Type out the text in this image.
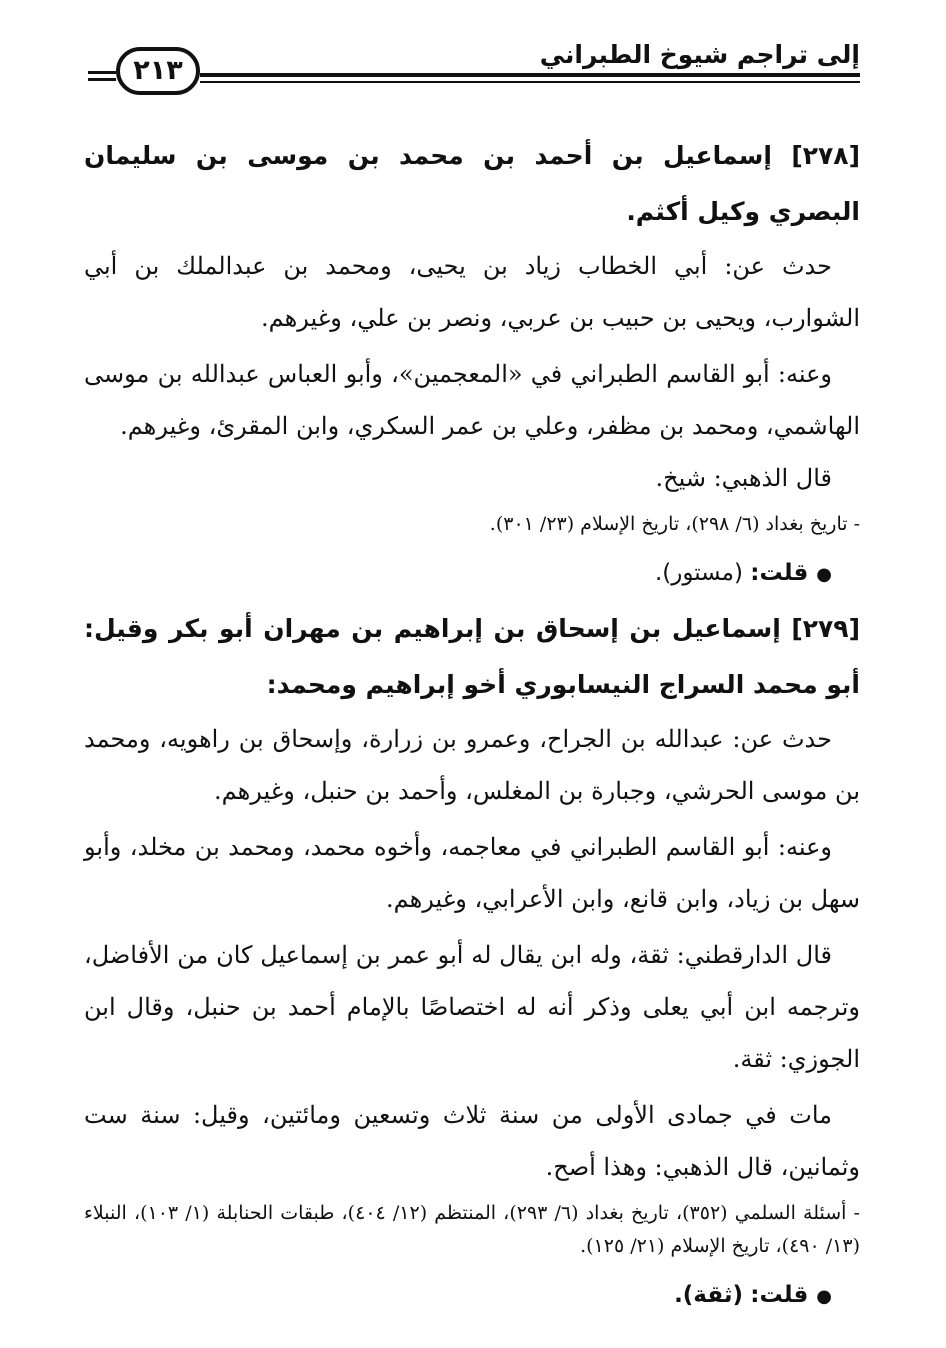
إلى تراجم شيوخ الطبراني
٢١٣

[٢٧٨] إسماعيل بن أحمد بن محمد بن موسى بن سليمان البصري وكيل أكثم.

حدث عن: أبي الخطاب زياد بن يحيى، ومحمد بن عبدالملك بن أبي الشوارب، ويحيى بن حبيب بن عربي، ونصر بن علي، وغيرهم.

وعنه: أبو القاسم الطبراني في «المعجمين»، وأبو العباس عبدالله بن موسى الهاشمي، ومحمد بن مظفر، وعلي بن عمر السكري، وابن المقرئ، وغيرهم.

قال الذهبي: شيخ.

- تاريخ بغداد (٦/ ٢٩٨)، تاريخ الإسلام (٢٣/ ٣٠١).

●قلت: (مستور).

[٢٧٩] إسماعيل بن إسحاق بن إبراهيم بن مهران أبو بكر وقيل: أبو محمد السراج النيسابوري أخو إبراهيم ومحمد:

حدث عن: عبدالله بن الجراح، وعمرو بن زرارة، وإسحاق بن راهويه، ومحمد بن موسى الحرشي، وجبارة بن المغلس، وأحمد بن حنبل، وغيرهم.

وعنه: أبو القاسم الطبراني في معاجمه، وأخوه محمد، ومحمد بن مخلد، وأبو سهل بن زياد، وابن قانع، وابن الأعرابي، وغيرهم.

قال الدارقطني: ثقة، وله ابن يقال له أبو عمر بن إسماعيل كان من الأفاضل، وترجمه ابن أبي يعلى وذكر أنه له اختصاصًا بالإمام أحمد بن حنبل، وقال ابن الجوزي: ثقة.

مات في جمادى الأولى من سنة ثلاث وتسعين ومائتين، وقيل: سنة ست وثمانين، قال الذهبي: وهذا أصح.

- أسئلة السلمي (٣٥٢)، تاريخ بغداد (٦/ ٢٩٣)، المنتظم (١٢/ ٤٠٤)، طبقات الحنابلة (١/ ١٠٣)، النبلاء (١٣/ ٤٩٠)، تاريخ الإسلام (٢١/ ١٢٥).

●قلت: (ثقة).
